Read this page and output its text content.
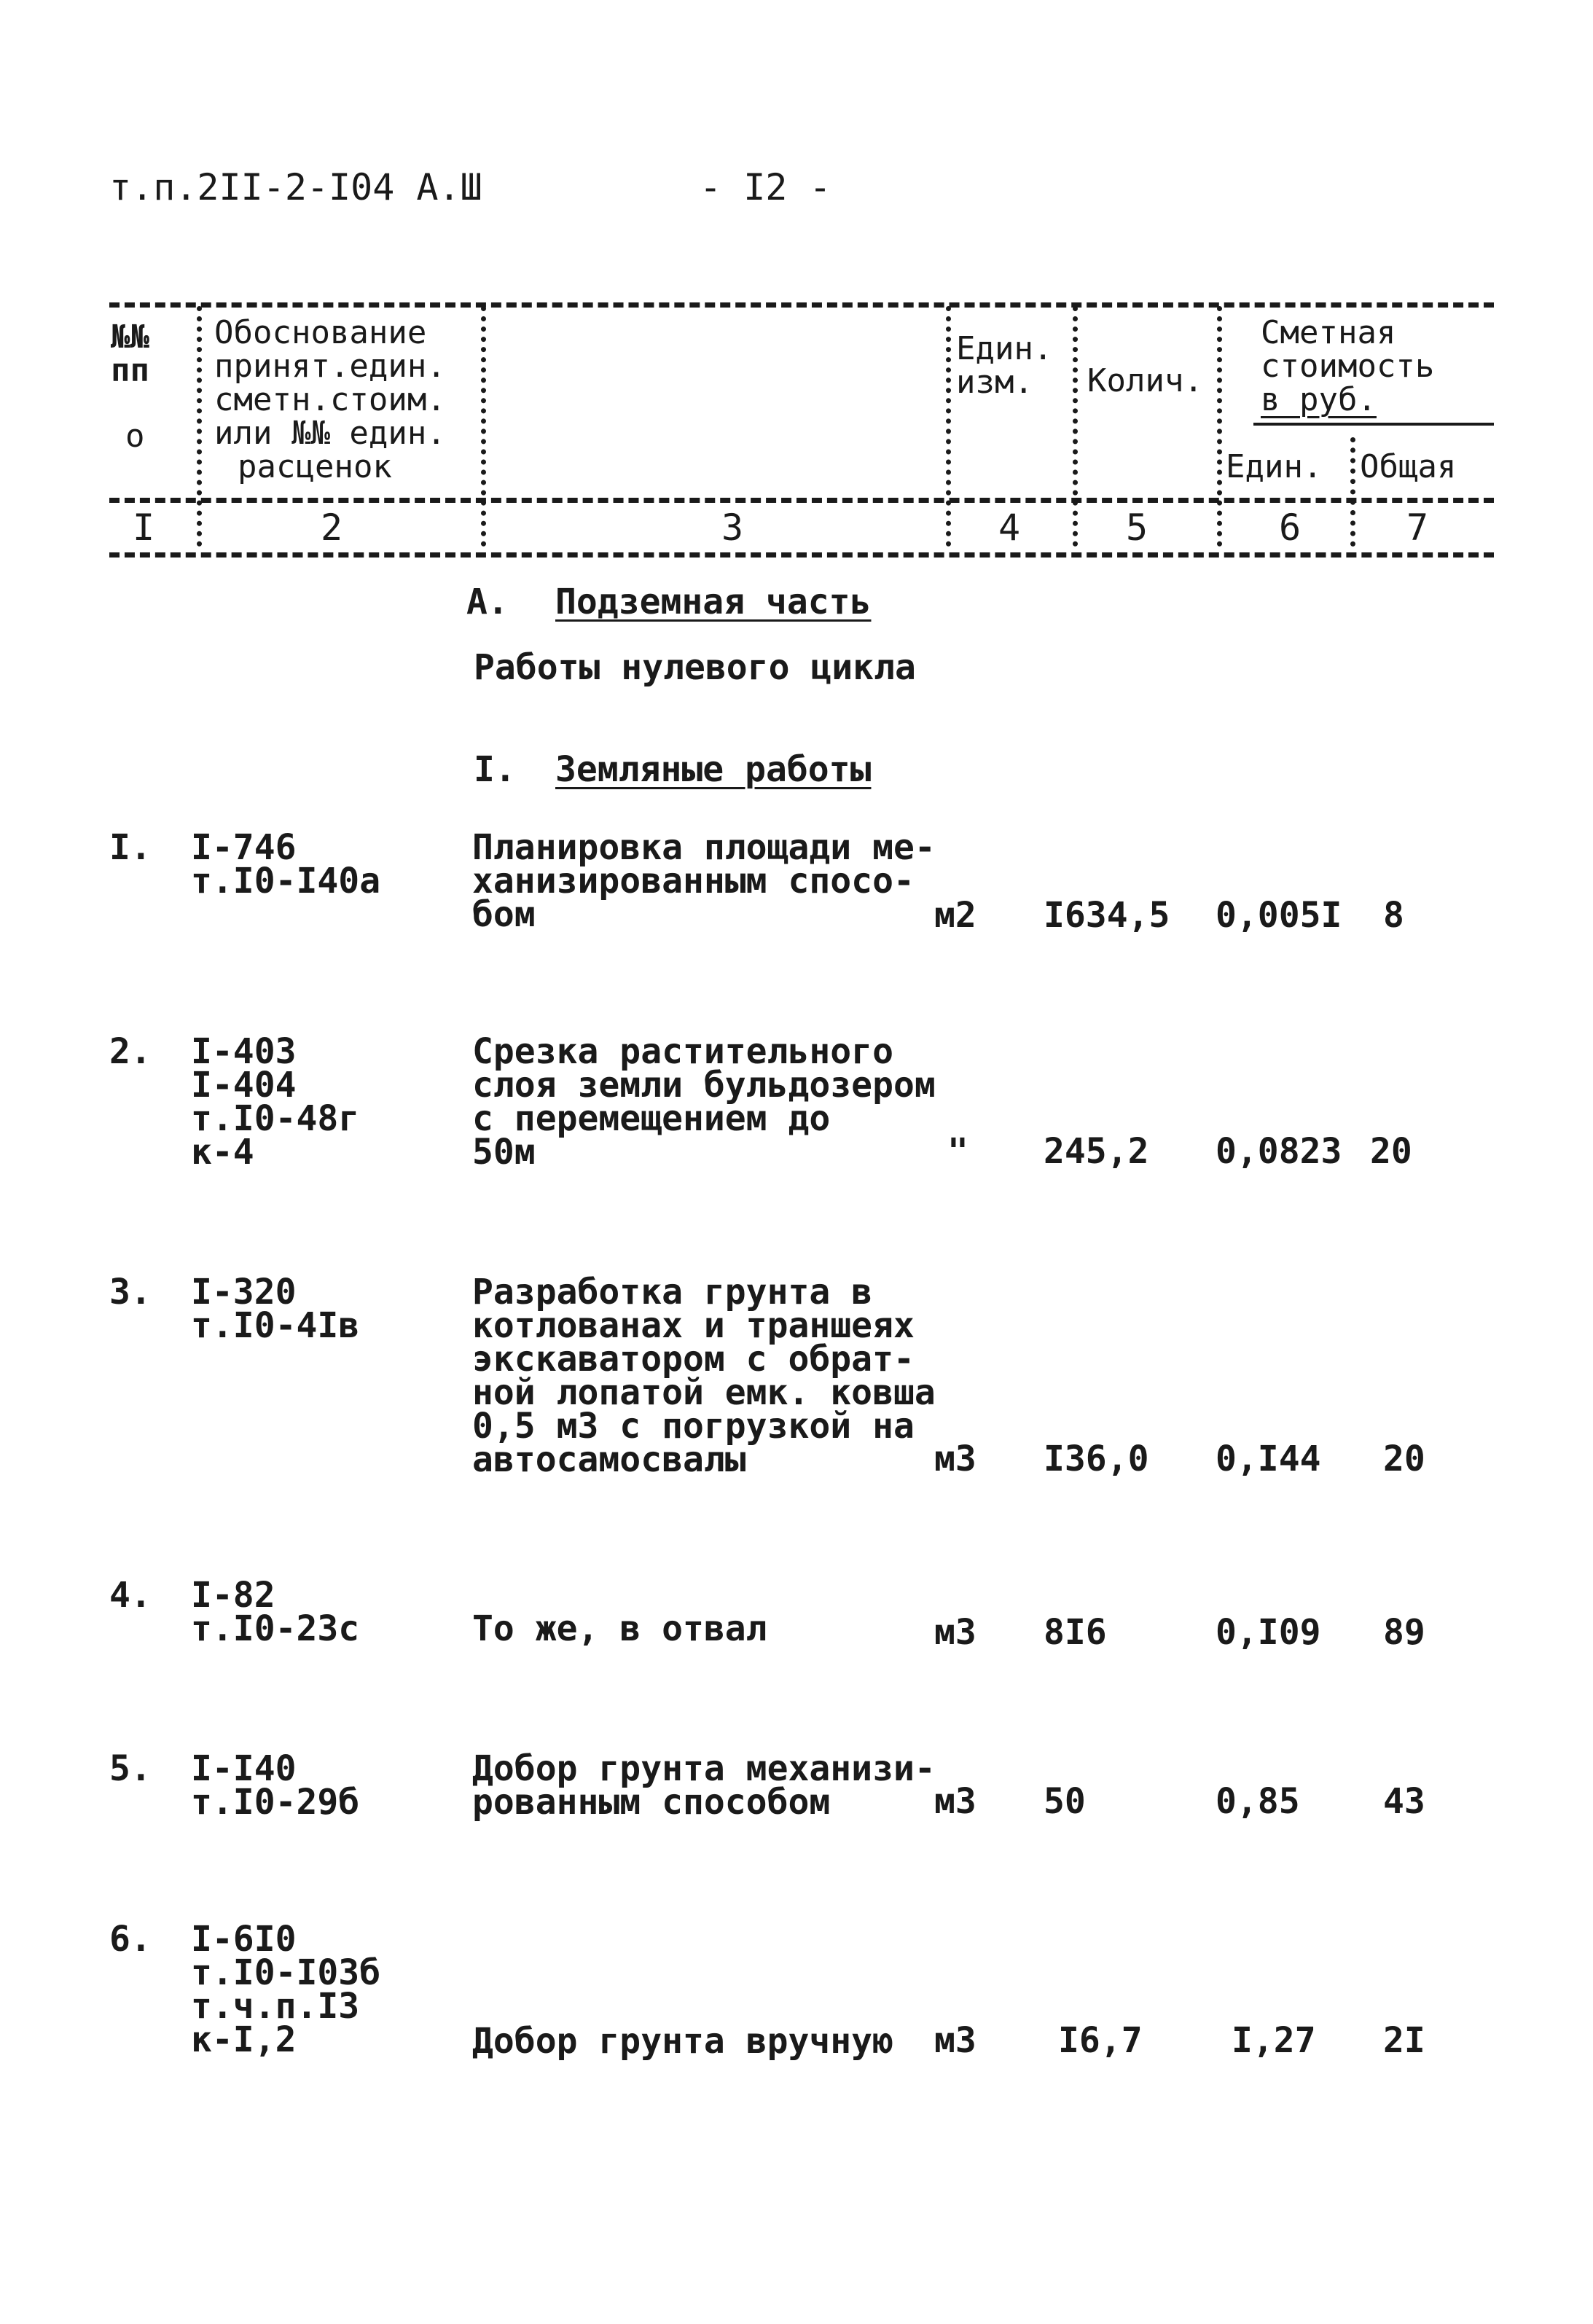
т.п.2II-2-I04 А.Ш	- I2 -
№№
пп
о
Обоснование
принят.един.
сметн.стоим.
или №№ един.
расценок
Един.
изм. Колич.
Сметная
стоимость
в руб.
Един. Общая
I	2	3	4	5	6	7
А. Подземная часть
Работы нулевого цикла
I. Земляные работы
I. I-746
т.I0-I40а
Планировка площади ме-
ханизированным спосо-
бом	м2 I634,5 0,005I 8
2. I-403
I-404
т.I0-48г
к-4
Срезка растительного
слоя земли бульдозером
с перемещением до
50м	" 245,2 0,0823 20
3. I-320
т.I0-4Iв
Разработка грунта в
котлованах и траншеях
экскаватором с обрат-
ной лопатой емк. ковша
0,5 м3 с погрузкой на
автосамосвалы	м3 I36,0 0,I44 20
4. I-82
т.I0-23с	То же, в отвал	м3 8I6	0,I09 89
5. I-I40
т.I0-29б
Добор грунта механизи-
рованным способом	м3 50	0,85 43
6. I-6I0
т.I0-I03б
т.ч.п.I3
к-I,2	Добор грунта вручную м3 I6,7	I,27 2I
